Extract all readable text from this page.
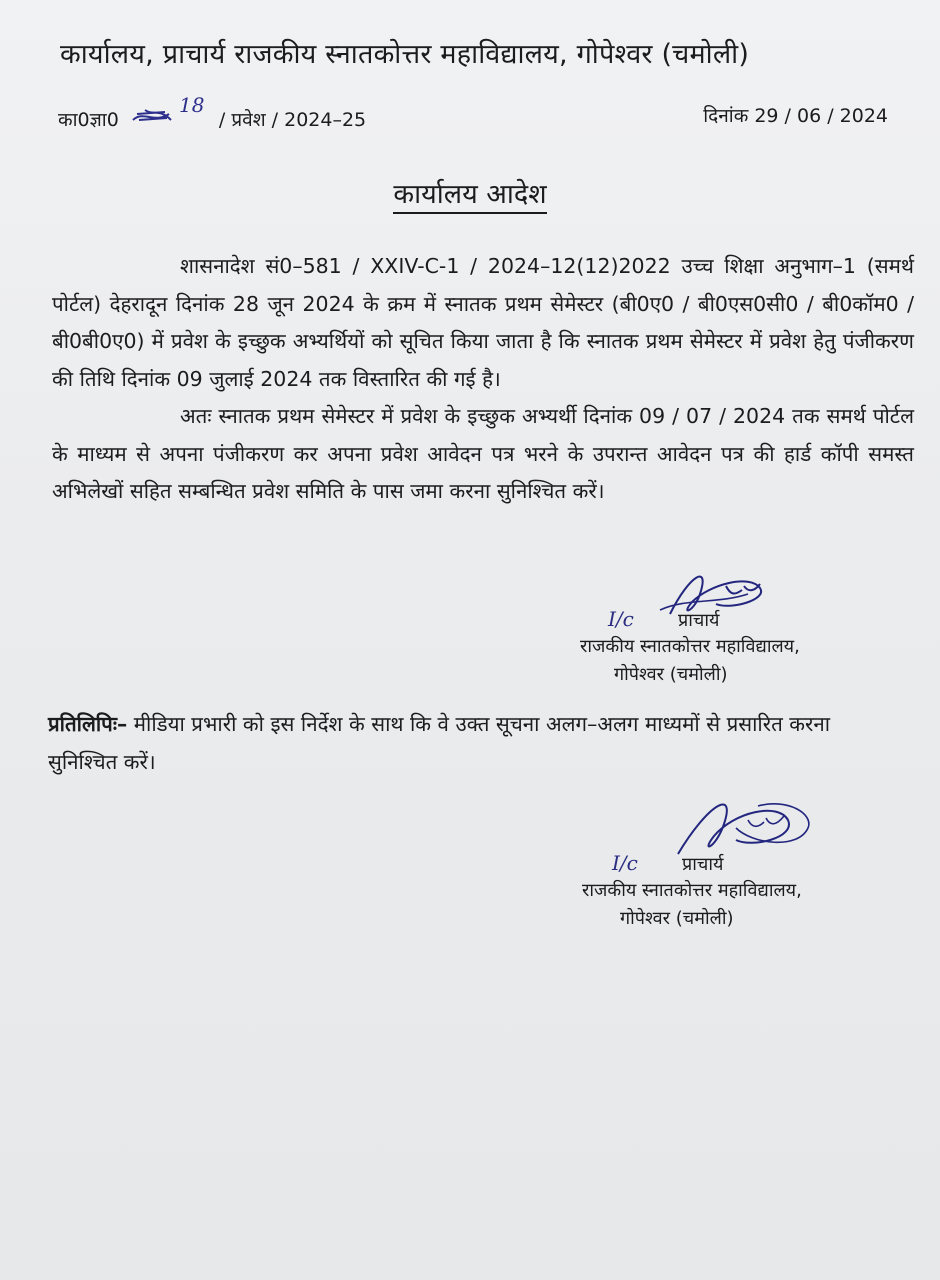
कार्यालय, प्राचार्य राजकीय स्नातकोत्तर महाविद्यालय, गोपेश्वर (चमोली)
का0ज्ञा0
18
/ प्रवेश / 2024–25	दिनांक 29 / 06 / 2024
कार्यालय आदेश

शासनादेश सं0–581 / XXIV-C-1 / 2024–12(12)2022 उच्च शिक्षा अनुभाग–1 (समर्थ पोर्टल) देहरादून दिनांक 28 जून 2024 के क्रम में स्नातक प्रथम सेमेस्टर (बी0ए0 / बी0एस0सी0 / बी0कॉम0 / बी0बी0ए0) में प्रवेश के इच्छुक अभ्यर्थियों को सूचित किया जाता है कि स्नातक प्रथम सेमेस्टर में प्रवेश हेतु पंजीकरण की तिथि दिनांक 09 जुलाई 2024 तक विस्तारित की गई है।

अतः स्नातक प्रथम सेमेस्टर में प्रवेश के इच्छुक अभ्यर्थी दिनांक 09 / 07 / 2024 तक समर्थ पोर्टल के माध्यम से अपना पंजीकरण कर अपना प्रवेश आवेदन पत्र भरने के उपरान्त आवेदन पत्र की हार्ड कॉपी समस्त अभिलेखों सहित सम्बन्धित प्रवेश समिति के पास जमा करना सुनिश्चित करें।

I/c प्राचार्य
राजकीय स्नातकोत्तर महाविद्यालय,
गोपेश्वर (चमोली)
प्रतिलिपिः– मीडिया प्रभारी को इस निर्देश के साथ कि वे उक्त सूचना अलग–अलग माध्यमों से प्रसारित करना सुनिश्चित करें।
I/c प्राचार्य
राजकीय स्नातकोत्तर महाविद्यालय,
गोपेश्वर (चमोली)
